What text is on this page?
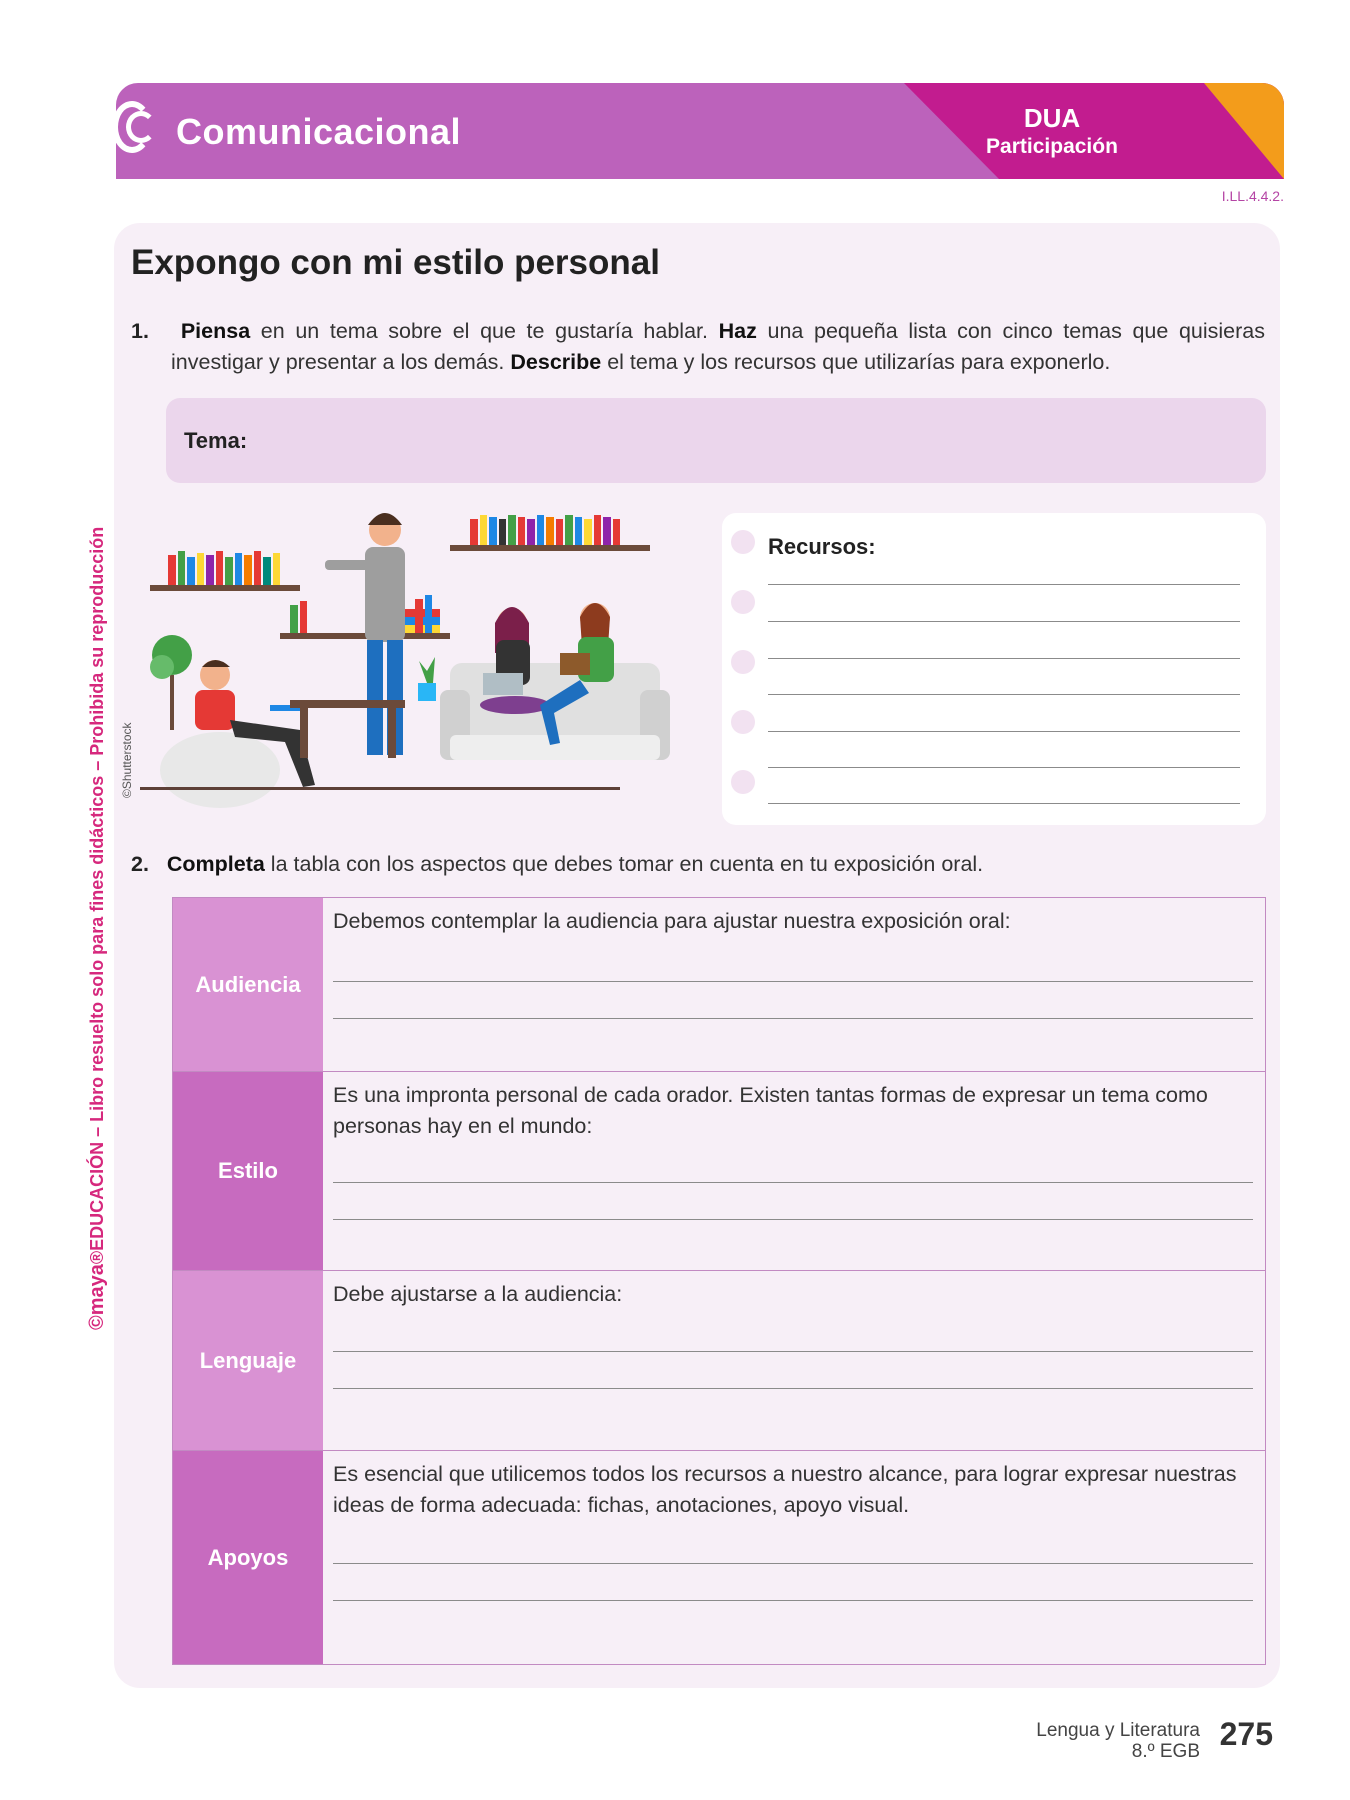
Comunicacional	DUA
Participación
I.LL.4.4.2.
©maya®EDUCACIÓN – Libro resuelto solo para fines didácticos – Prohibida su reproducción
Expongo con mi estilo personal
1. Piensa en un tema sobre el que te gustaría hablar. Haz una pequeña lista con cinco temas que quisieras investigar y presentar a los demás. Describe el tema y los recursos que utilizarías para exponerlo.
Tema:
©Shutterstock
Recursos:
2. Completa la tabla con los aspectos que debes tomar en cuenta en tu exposición oral.
Audiencia
Debemos contemplar la audiencia para ajustar nuestra exposición oral:
Estilo
Es una impronta personal de cada orador. Existen tantas formas de expresar un tema como personas hay en el mundo:
Lenguaje
Debe ajustarse a la audiencia:
Apoyos
Es esencial que utilicemos todos los recursos a nuestro alcance, para lograr expresar nuestras ideas de forma adecuada: fichas, anotaciones, apoyo visual.
Lengua y Literatura
8.º EGB 275
